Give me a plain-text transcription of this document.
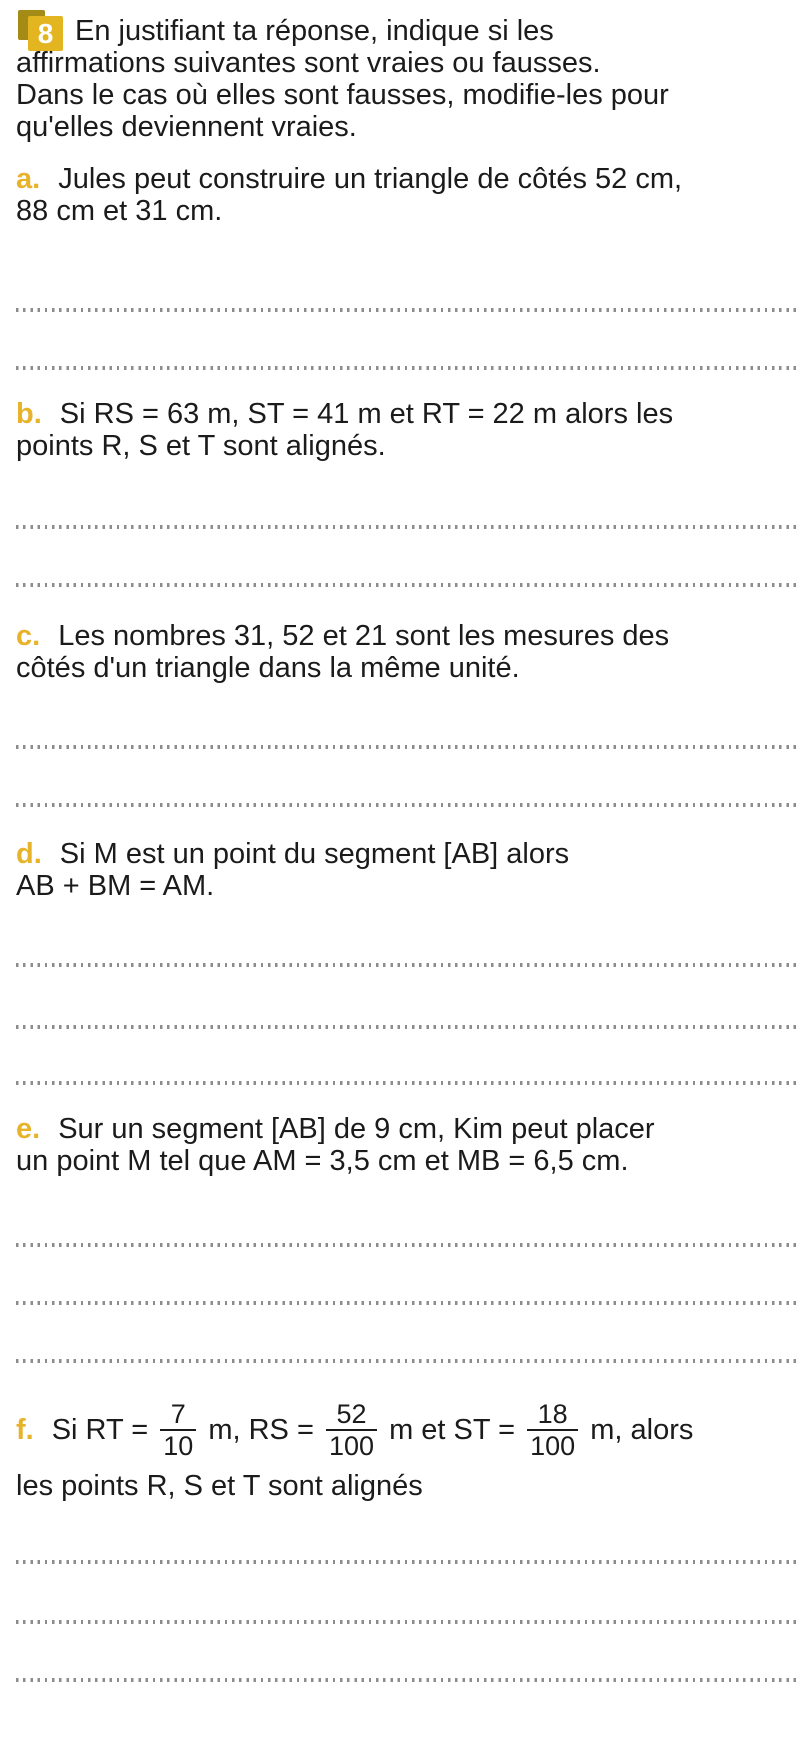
8 En justifiant ta réponse, indique si les
affirmations suivantes sont vraies ou fausses.
Dans le cas où elles sont fausses, modifie-les pour
qu'elles deviennent vraies.
a. Jules peut construire un triangle de côtés 52 cm,
88 cm et 31 cm.
b. Si RS = 63 m, ST = 41 m et RT = 22 m alors les
points R, S et T sont alignés.
c. Les nombres 31, 52 et 21 sont les mesures des
côtés d'un triangle dans la même unité.
d. Si M est un point du segment [AB] alors
AB + BM = AM.
e. Sur un segment [AB] de 9 cm, Kim peut placer
un point M tel que AM = 3,5 cm et MB = 6,5 cm.
f. Si RT = $\frac{7}{10} m$, RS = $\frac{52}{100}$ m et ST = $\frac{18}{100} m$, alors
les points R, S et T sont alignés
